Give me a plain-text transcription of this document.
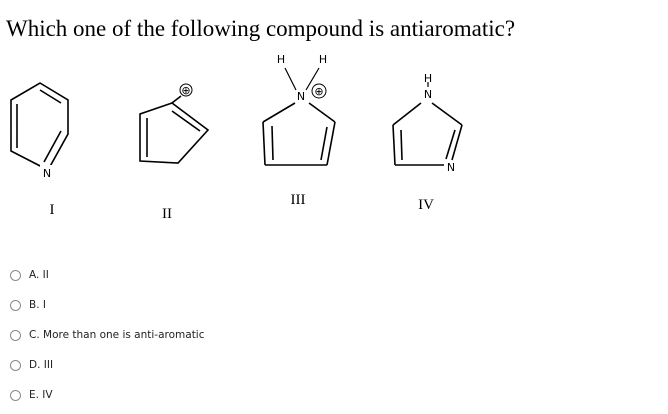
Which one of the following compound is antiaromatic?
N
I
⊕
II
H	H
N ⊕
III
H
N
N
IV
A. II
B. I
C. More than one is anti-aromatic
D. III
E. IV
